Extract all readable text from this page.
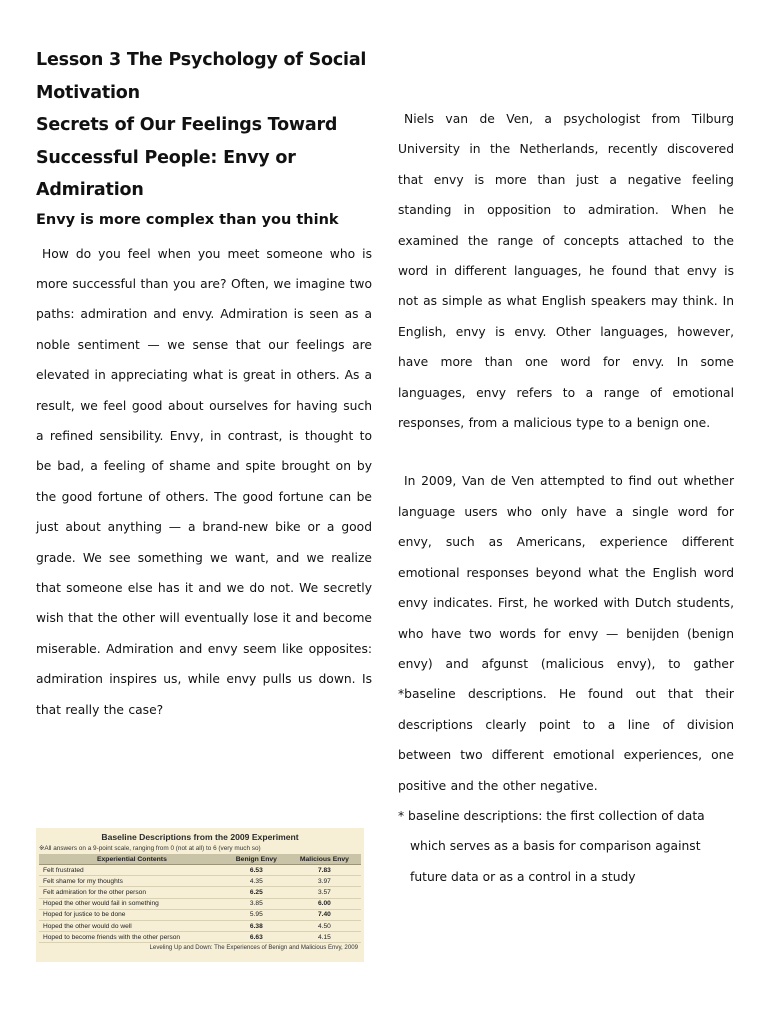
Lesson 3 The Psychology of Social
Motivation
Secrets of Our Feelings Toward
Successful People: Envy or
Admiration
Envy is more complex than you think

How do you feel when you meet someone who is more successful than you are? Often, we imagine two paths: admiration and envy. Admiration is seen as a noble sentiment — we sense that our feelings are elevated in appreciating what is great in others. As a result, we feel good about ourselves for having such a refined sensibility. Envy, in contrast, is thought to be bad, a feeling of shame and spite brought on by the good fortune of others. The good fortune can be just about anything — a brand-new bike or a good grade. We see something we want, and we realize that someone else has it and we do not. We secretly wish that the other will eventually lose it and become miserable. Admiration and envy seem like opposites: admiration inspires us, while envy pulls us down. Is that really the case?

Niels van de Ven, a psychologist from Tilburg University in the Netherlands, recently discovered that envy is more than just a negative feeling standing in opposition to admiration. When he examined the range of concepts attached to the word in different languages, he found that envy is not as simple as what English speakers may think. In English, envy is envy. Other languages, however, have more than one word for envy. In some languages, envy refers to a range of emotional responses, from a malicious type to a benign one.

In 2009, Van de Ven attempted to find out whether language users who only have a single word for envy, such as Americans, experience different emotional responses beyond what the English word envy indicates. First, he worked with Dutch students, who have two words for envy — benijden (benign envy) and afgunst (malicious envy), to gather *baseline descriptions. He found out that their descriptions clearly point to a line of division between two different emotional experiences, one positive and the other negative.

* baseline descriptions: the first collection of data

which serves as a basis for comparison against

future data or as a control in a study

Baseline Descriptions from the 2009 Experiment
※All answers on a 9-point scale, ranging from 0 (not at all) to 6 (very much so)
Experiential Contents	Benign Envy	Malicious Envy
Felt frustrated	6.53	7.83
Felt shame for my thoughts	4.35	3.97
Felt admiration for the other person	6.25	3.57
Hoped the other would fail in something	3.85	6.00
Hoped for justice to be done	5.95	7.40
Hoped the other would do well	6.38	4.50
Hoped to become friends with the other person	6.63	4.15
Leveling Up and Down: The Experiences of Benign and Malicious Envy, 2009
